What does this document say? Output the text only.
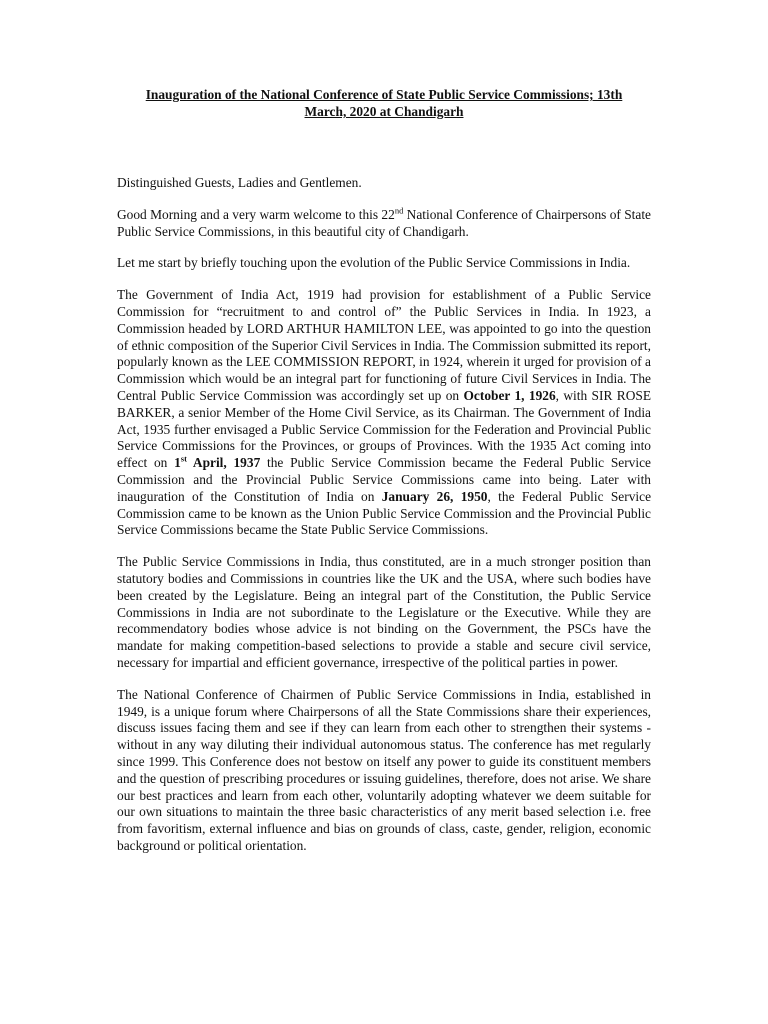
Inauguration of the National Conference of State Public Service Commissions; 13th
March, 2020 at Chandigarh

Distinguished Guests, Ladies and Gentlemen.

Good Morning and a very warm welcome to this 22nd National Conference of Chairpersons of State Public Service Commissions, in this beautiful city of Chandigarh.

Let me start by briefly touching upon the evolution of the Public Service Commissions in India.

The Government of India Act, 1919 had provision for establishment of a Public Service Commission for “recruitment to and control of” the Public Services in India. In 1923, a Commission headed by LORD ARTHUR HAMILTON LEE, was appointed to go into the question of ethnic composition of the Superior Civil Services in India. The Commission submitted its report, popularly known as the LEE COMMISSION REPORT, in 1924, wherein it urged for provision of a Commission which would be an integral part for functioning of future Civil Services in India. The Central Public Service Commission was accordingly set up on October 1, 1926, with SIR ROSE BARKER, a senior Member of the Home Civil Service, as its Chairman. The Government of India Act, 1935 further envisaged a Public Service Commission for the Federation and Provincial Public Service Commissions for the Provinces, or groups of Provinces. With the 1935 Act coming into effect on 1st April, 1937 the Public Service Commission became the Federal Public Service Commission and the Provincial Public Service Commissions came into being. Later with inauguration of the Constitution of India on January 26, 1950, the Federal Public Service Commission came to be known as the Union Public Service Commission and the Provincial Public Service Commissions became the State Public Service Commissions.

The Public Service Commissions in India, thus constituted, are in a much stronger position than statutory bodies and Commissions in countries like the UK and the USA, where such bodies have been created by the Legislature. Being an integral part of the Constitution, the Public Service Commissions in India are not subordinate to the Legislature or the Executive. While they are recommendatory bodies whose advice is not binding on the Government, the PSCs have the mandate for making competition-based selections to provide a stable and secure civil service, necessary for impartial and efficient governance, irrespective of the political parties in power.

The National Conference of Chairmen of Public Service Commissions in India, established in 1949, is a unique forum where Chairpersons of all the State Commissions share their experiences, discuss issues facing them and see if they can learn from each other to strengthen their systems - without in any way diluting their individual autonomous status. The conference has met regularly since 1999. This Conference does not bestow on itself any power to guide its constituent members and the question of prescribing procedures or issuing guidelines, therefore, does not arise. We share our best practices and learn from each other, voluntarily adopting whatever we deem suitable for our own situations to maintain the three basic characteristics of any merit based selection i.e. free from favoritism, external influence and bias on grounds of class, caste, gender, religion, economic background or political orientation.
